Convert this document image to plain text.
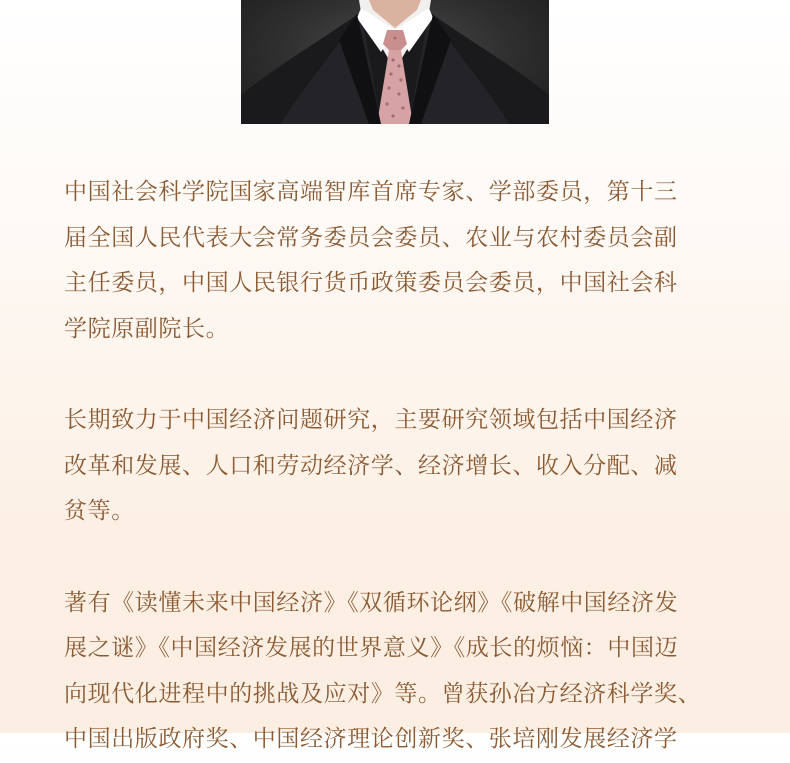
中国社会科学院国家高端智库首席专家、学部委员，第十三
届全国人民代表大会常务委员会委员、农业与农村委员会副
主任委员，中国人民银行货币政策委员会委员，中国社会科
学院原副院长。

长期致力于中国经济问题研究，主要研究领域包括中国经济
改革和发展、人口和劳动经济学、经济增长、收入分配、减
贫等。

著有《读懂未来中国经济》《双循环论纲》《破解中国经济发
展之谜》《中国经济发展的世界意义》《成长的烦恼：中国迈
向现代化进程中的挑战及应对》等。曾获孙冶方经济科学奖、
中国出版政府奖、中国经济理论创新奖、张培刚发展经济学
